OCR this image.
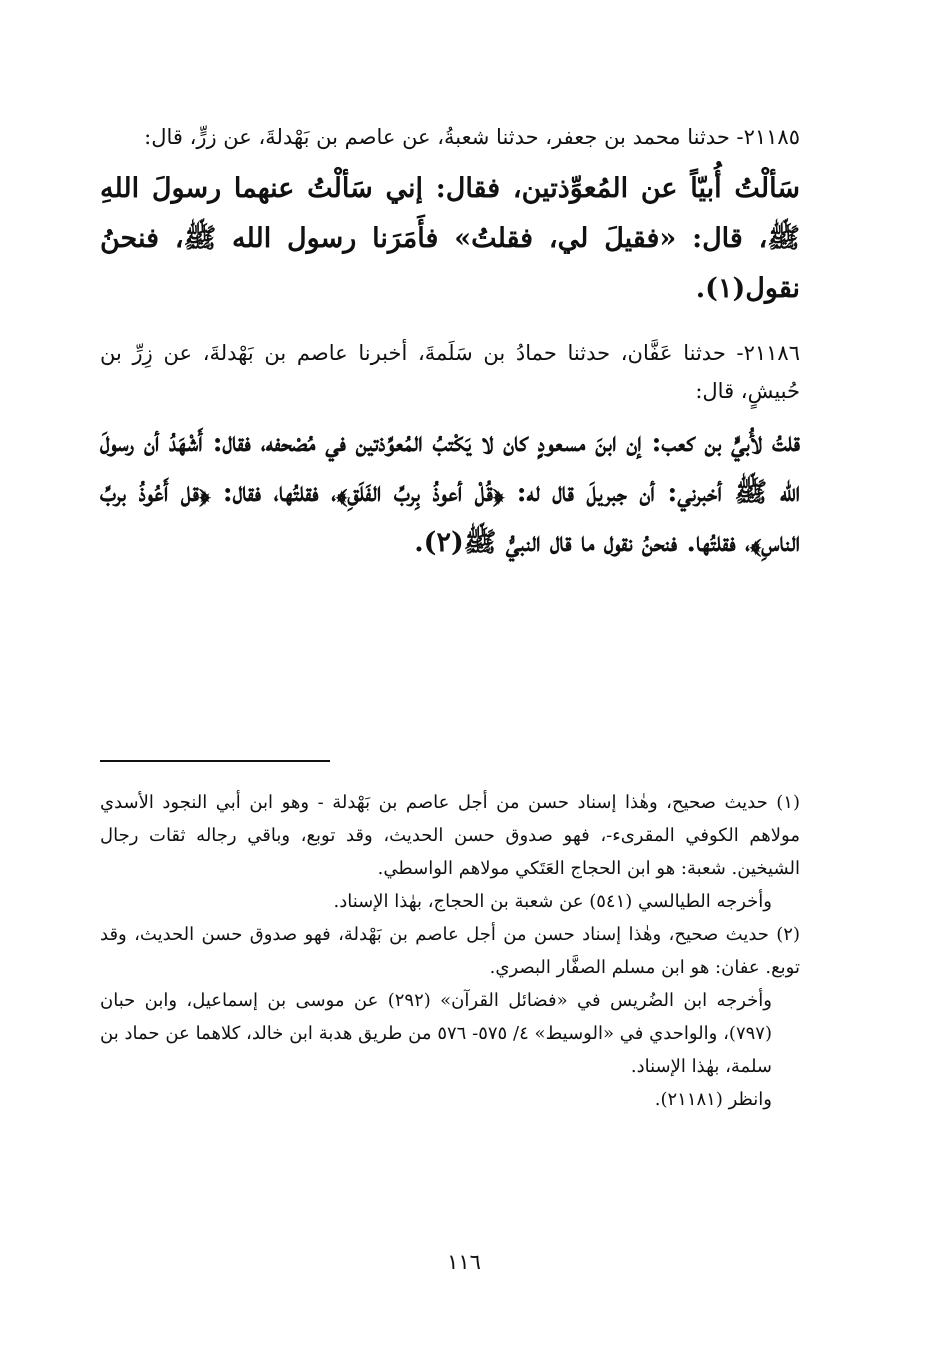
٢١١٨٥- حدثنا محمد بن جعفر، حدثنا شعبةُ، عن عاصم بن بَهْدلةَ، عن زرٍّ، قال:

سَألْتُ أُبيّاً عن المُعوِّذتين، فقال: إني سَألْتُ عنهما رسولَ اللهِ ﷺ، قال: «فقيلَ لي، فقلتُ» فأَمَرَنا رسول الله ﷺ، فنحنُ نقول(١).

٢١١٨٦- حدثنا عَفَّان، حدثنا حمادُ بن سَلَمةَ، أخبرنا عاصم بن بَهْدلةَ، عن زِرِّ بن حُبيشٍ، قال:

قلتُ لأُبيٍّ بن كعب: إن ابنَ مسعودٍ كان لا يَكْتبُ المُعوِّذتين في مُصْحفه، فقال: أَشْهَدُ أن رسولَ الله ﷺ أخبرني: أن جبريلَ قال له: ﴿قُلْ أعوذُ بِربِّ الفَلَقِ﴾، فقلتُها، فقال: ﴿قل أَعُوذُ بربِّ الناسِ﴾، فقلتُها. فنحنُ نقول ما قال النبيُّ ﷺ(٢).

(١) حديث صحيح، وهٰذا إسناد حسن من أجل عاصم بن بَهْدلة - وهو ابن أبي النجود الأسدي مولاهم الكوفي المقرىء-، فهو صدوق حسن الحديث، وقد توبع، وباقي رجاله ثقات رجال الشيخين. شعبة: هو ابن الحجاج العَتَكي مولاهم الواسطي.

وأخرجه الطيالسي (٥٤١) عن شعبة بن الحجاج، بهٰذا الإسناد.

(٢) حديث صحيح، وهٰذا إسناد حسن من أجل عاصم بن بَهْدلة، فهو صدوق حسن الحديث، وقد توبع. عفان: هو ابن مسلم الصفَّار البصري.

وأخرجه ابن الضُريس في «فضائل القرآن» (٢٩٢) عن موسى بن إسماعيل، وابن حبان (٧٩٧)، والواحدي في «الوسيط» ٤/ ٥٧٥- ٥٧٦ من طريق هدبة ابن خالد، كلاهما عن حماد بن سلمة، بهٰذا الإسناد.

وانظر (٢١١٨١).

١١٦
